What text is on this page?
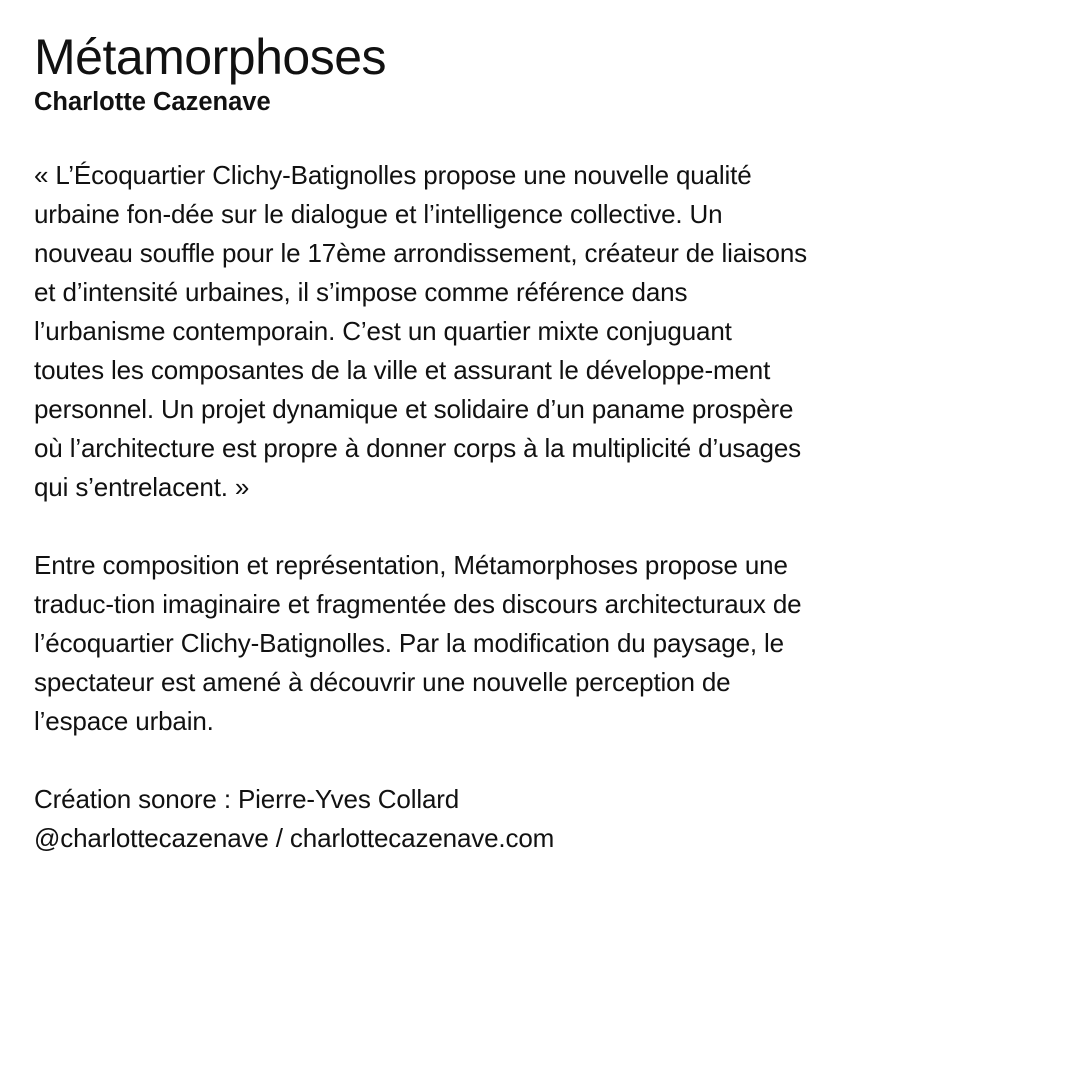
Métamorphoses
Charlotte Cazenave
« L’Écoquartier Clichy-Batignolles propose une nouvelle qualité
urbaine fon-dée sur le dialogue et l’intelligence collective. Un
nouveau souffle pour le 17ème arrondissement, créateur de liaisons
et d’intensité urbaines, il s’impose comme référence dans
l’urbanisme contemporain. C’est un quartier mixte conjuguant
toutes les composantes de la ville et assurant le développe-ment
personnel. Un projet dynamique et solidaire d’un paname prospère
où l’architecture est propre à donner corps à la multiplicité d’usages
qui s’entrelacent. »
Entre composition et représentation, Métamorphoses propose une
traduc-tion imaginaire et fragmentée des discours architecturaux de
l’écoquartier Clichy-Batignolles. Par la modification du paysage, le
spectateur est amené à découvrir une nouvelle perception de
l’espace urbain.
Création sonore : Pierre-Yves Collard
@charlottecazenave / charlottecazenave.com
